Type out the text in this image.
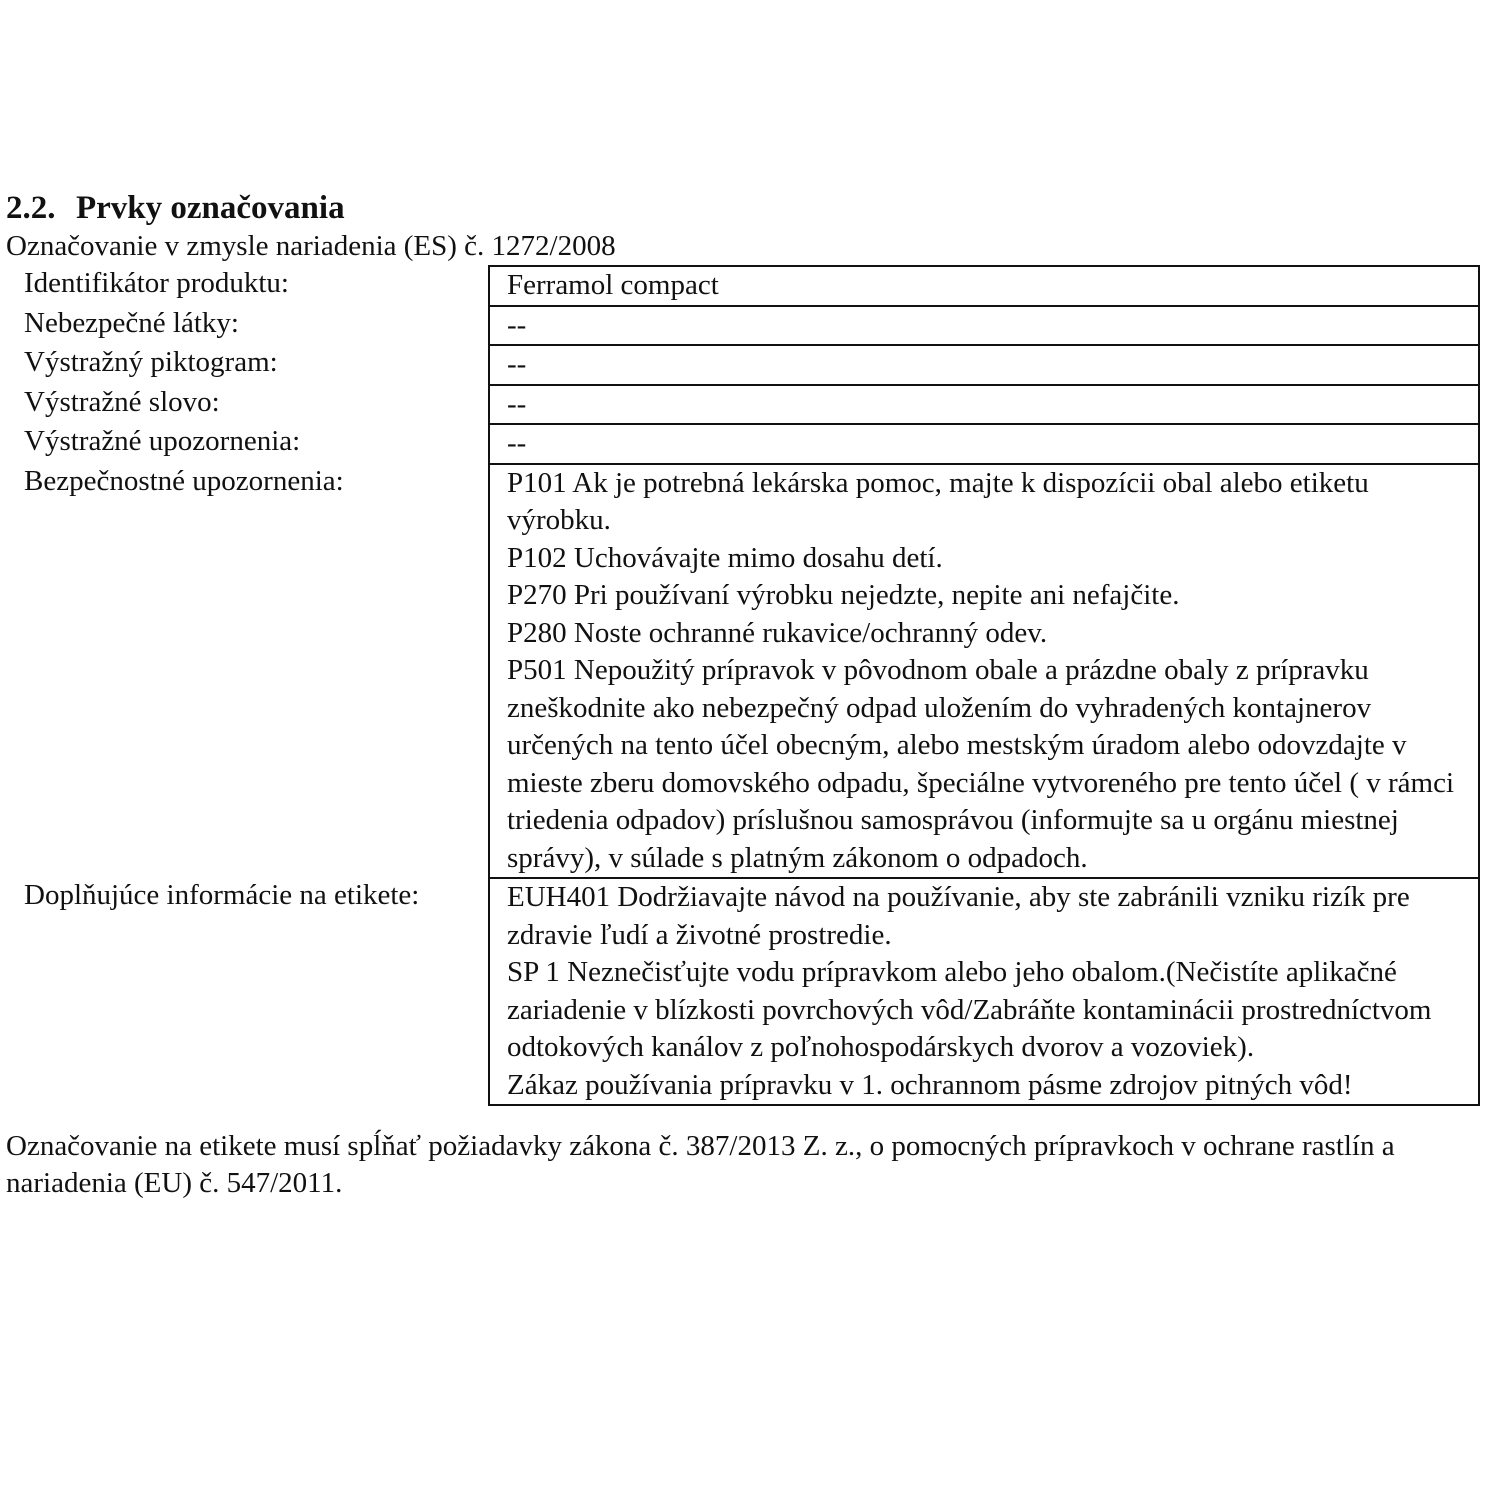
2.2. Prvky označovania

Označovanie v zmysle nariadenia (ES) č. 1272/2008

Identifikátor produktu:	Ferramol compact

Nebezpečné látky:	--

Výstražný piktogram:	--

Výstražné slovo:	--

Výstražné upozornenia:	--

Bezpečnostné upozornenia:	P101 Ak je potrebná lekárska pomoc, majte k dispozícii obal alebo etiketu výrobku.

P102 Uchovávajte mimo dosahu detí.

P270 Pri používaní výrobku nejedzte, nepite ani nefajčite.

P280 Noste ochranné rukavice/ochranný odev.

P501 Nepoužitý prípravok v pôvodnom obale a prázdne obaly z prípravku zneškodnite ako nebezpečný odpad uložením do vyhradených kontajnerov určených na tento účel obecným, alebo mestským úradom alebo odovzdajte v mieste zberu domovského odpadu, špeciálne vytvoreného pre tento účel ( v rámci triedenia odpadov) príslušnou samosprávou (informujte sa u orgánu miestnej správy), v súlade s platným zákonom o odpadoch.

Doplňujúce informácie na etikete:	EUH401 Dodržiavajte návod na používanie, aby ste zabránili vzniku rizík pre zdravie ľudí a životné prostredie.

SP 1 Neznečisťujte vodu prípravkom alebo jeho obalom.(Nečistíte aplikačné zariadenie v blízkosti povrchových vôd/Zabráňte kontaminácii prostredníctvom odtokových kanálov z poľnohospodárskych dvorov a vozoviek).

Zákaz používania prípravku v 1. ochrannom pásme zdrojov pitných vôd!

Označovanie na etikete musí spĺňať požiadavky zákona č. 387/2013 Z. z., o pomocných prípravkoch v ochrane rastlín a nariadenia (EU) č. 547/2011.
